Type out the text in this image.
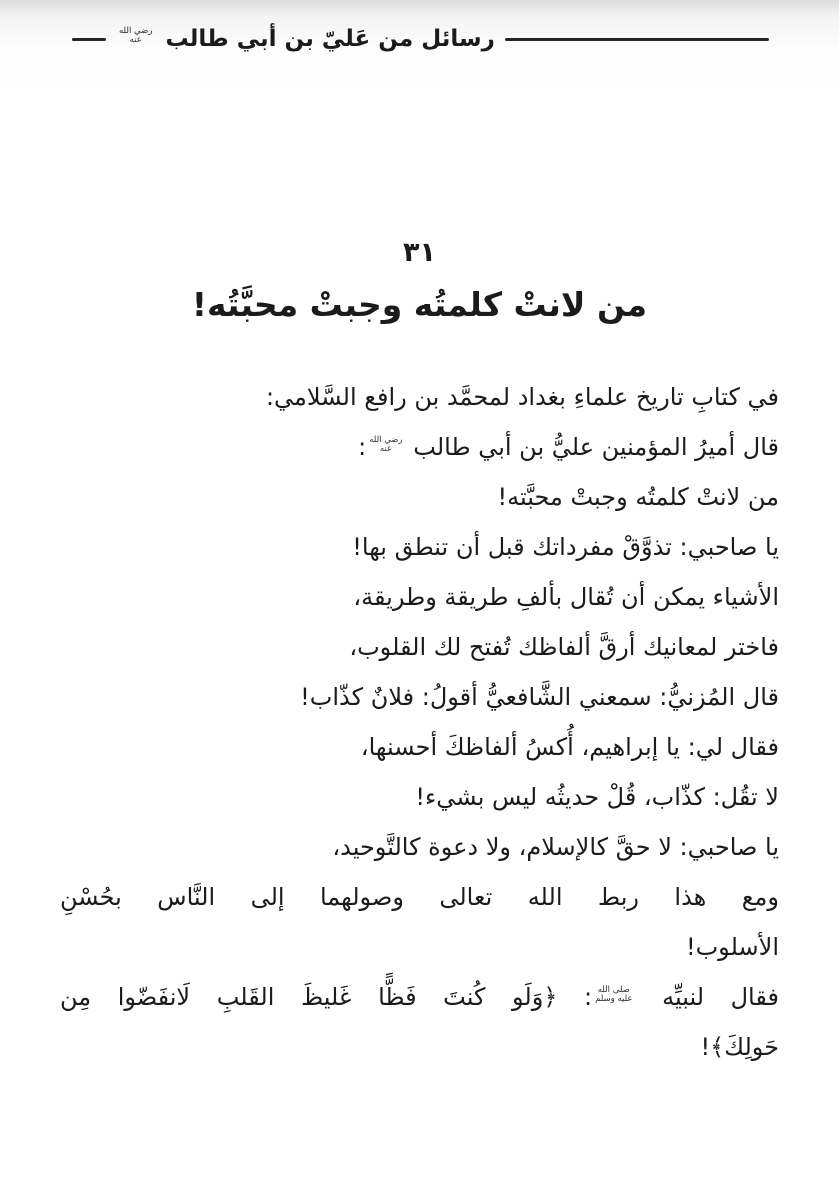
رسائل من عَليّ بن أبي طالب
رضي الله
عنه
٣١
من لانتْ كلمتُه وجبتْ محبَّتُه!

في كتابِ تاريخ علماءِ بغداد لمحمَّد بن رافع السَّلامي:

قال أميرُ المؤمنين عليُّ بن أبي طالب
رضي الله
عنه
:

من لانتْ كلمتُه وجبتْ محبَّته!

يا صاحبي: تذوَّقْ مفرداتك قبل أن تنطق بها!

الأشياء يمكن أن تُقال بألفِ طريقة وطريقة،

فاختر لمعانيك أرقَّ ألفاظك تُفتح لك القلوب،

قال المُزنيُّ: سمعني الشَّافعيُّ أقولُ: فلانٌ كذّاب!

فقال لي: يا إبراهيم، أُكسُ ألفاظكَ أحسنها،

لا تقُل: كذّاب، قُلْ حديثُه ليس بشيء!

يا صاحبي: لا حقَّ كالإسلام، ولا دعوة كالتَّوحيد،

ومع هذا ربط الله تعالى وصولهما إلى النَّاس بحُسْنِ

الأسلوب!

فقال لنبيِّه
صلى الله
عليه وسلم
: ﴿وَلَو كُنتَ فَظًّا غَليظَ القَلبِ لَانفَضّوا مِن

حَولِكَ﴾!
